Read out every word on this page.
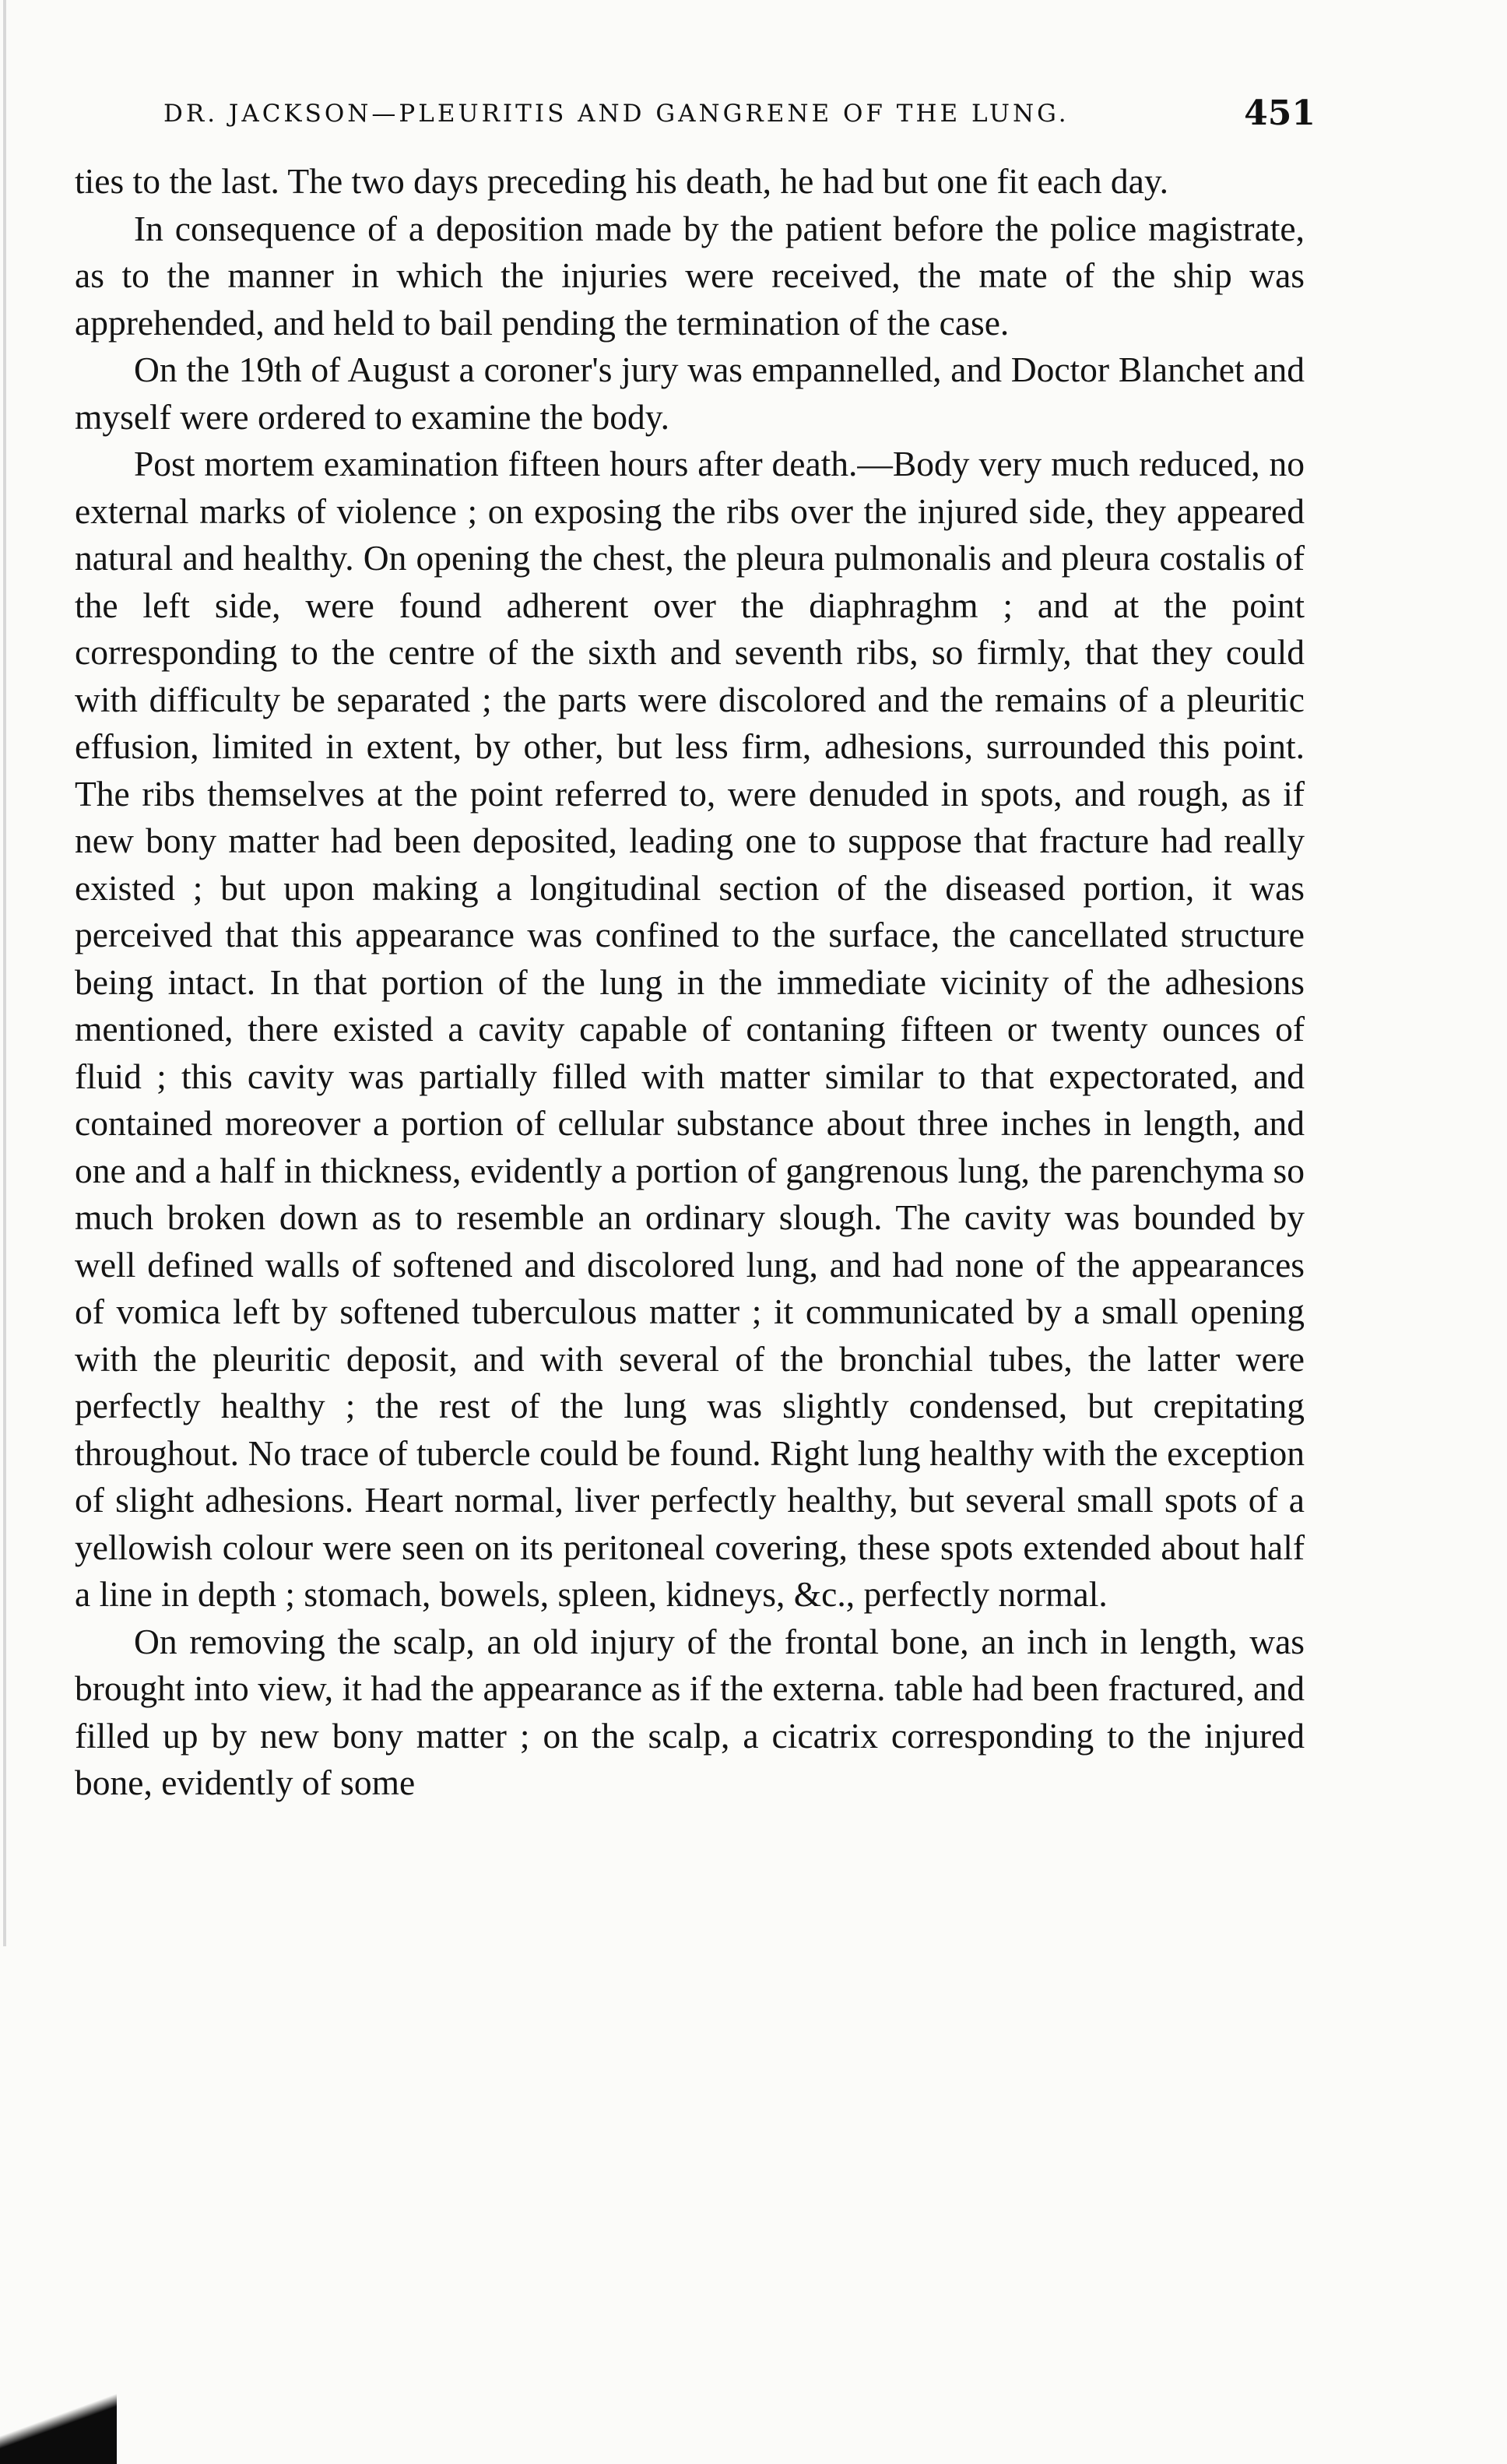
DR. JACKSON—PLEURITIS AND GANGRENE OF THE LUNG.	451

ties to the last. The two days preceding his death, he had but one fit each day.

In consequence of a deposition made by the patient before the police magistrate, as to the manner in which the injuries were received, the mate of the ship was apprehended, and held to bail pending the termination of the case.

On the 19th of August a coroner's jury was empannelled, and Doctor Blanchet and myself were ordered to examine the body.

Post mortem examination fifteen hours after death.—Body very much reduced, no external marks of violence ; on exposing the ribs over the injured side, they appeared natural and healthy. On opening the chest, the pleura pulmonalis and pleura costalis of the left side, were found adherent over the diaphraghm ; and at the point corresponding to the centre of the sixth and seventh ribs, so firmly, that they could with difficulty be separated ; the parts were discolored and the remains of a pleuritic effusion, limited in extent, by other, but less firm, adhesions, surrounded this point. The ribs themselves at the point referred to, were denuded in spots, and rough, as if new bony matter had been deposited, leading one to suppose that fracture had really existed ; but upon making a longitudinal section of the diseased portion, it was perceived that this appearance was confined to the surface, the cancellated structure being intact. In that portion of the lung in the immediate vicinity of the adhesions mentioned, there existed a cavity capable of contaning fifteen or twenty ounces of fluid ; this cavity was partially filled with matter similar to that expectorated, and contained moreover a portion of cellular substance about three inches in length, and one and a half in thickness, evidently a portion of gangrenous lung, the parenchyma so much broken down as to resemble an ordinary slough. The cavity was bounded by well defined walls of softened and discolored lung, and had none of the appearances of vomica left by softened tuberculous matter ; it communicated by a small opening with the pleuritic deposit, and with several of the bronchial tubes, the latter were perfectly healthy ; the rest of the lung was slightly condensed, but crepitating throughout. No trace of tubercle could be found. Right lung healthy with the exception of slight adhesions. Heart normal, liver perfectly healthy, but several small spots of a yellowish colour were seen on its peritoneal covering, these spots extended about half a line in depth ; stomach, bowels, spleen, kidneys, &c., perfectly normal.

On removing the scalp, an old injury of the frontal bone, an inch in length, was brought into view, it had the appearance as if the externa. table had been fractured, and filled up by new bony matter ; on the scalp, a cicatrix corresponding to the injured bone, evidently of some
